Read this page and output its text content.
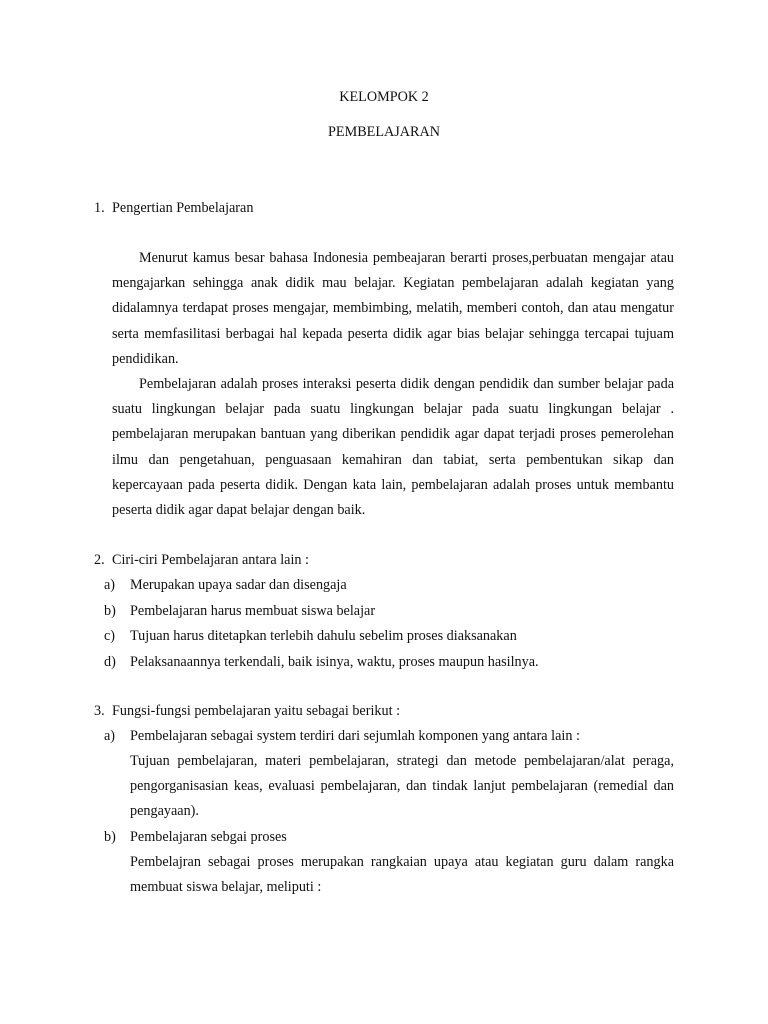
KELOMPOK 2
PEMBELAJARAN
1. Pengertian Pembelajaran

Menurut kamus besar bahasa Indonesia pembeajaran berarti proses,perbuatan mengajar atau mengajarkan sehingga anak didik mau belajar. Kegiatan pembelajaran adalah kegiatan yang didalamnya terdapat proses mengajar, membimbing, melatih, memberi contoh, dan atau mengatur serta memfasilitasi berbagai hal kepada peserta didik agar bias belajar sehingga tercapai tujuam pendidikan.

Pembelajaran adalah proses interaksi peserta didik dengan pendidik dan sumber belajar pada suatu lingkungan belajar pada suatu lingkungan belajar pada suatu lingkungan belajar . pembelajaran merupakan bantuan yang diberikan pendidik agar dapat terjadi proses pemerolehan ilmu dan pengetahuan, penguasaan kemahiran dan tabiat, serta pembentukan sikap dan kepercayaan pada peserta didik. Dengan kata lain, pembelajaran adalah proses untuk membantu peserta didik agar dapat belajar dengan baik.

2. Ciri-ciri Pembelajaran antara lain :
a) Merupakan upaya sadar dan disengaja
b) Pembelajaran harus membuat siswa belajar
c) Tujuan harus ditetapkan terlebih dahulu sebelim proses diaksanakan
d) Pelaksanaannya terkendali, baik isinya, waktu, proses maupun hasilnya.
3. Fungsi-fungsi pembelajaran yaitu sebagai berikut :
a) Pembelajaran sebagai system terdiri dari sejumlah komponen yang antara lain :

Tujuan pembelajaran, materi pembelajaran, strategi dan metode pembelajaran/alat peraga, pengorganisasian keas, evaluasi pembelajaran, dan tindak lanjut pembelajaran (remedial dan pengayaan).

b) Pembelajaran sebgai proses

Pembelajran sebagai proses merupakan rangkaian upaya atau kegiatan guru dalam rangka membuat siswa belajar, meliputi :
